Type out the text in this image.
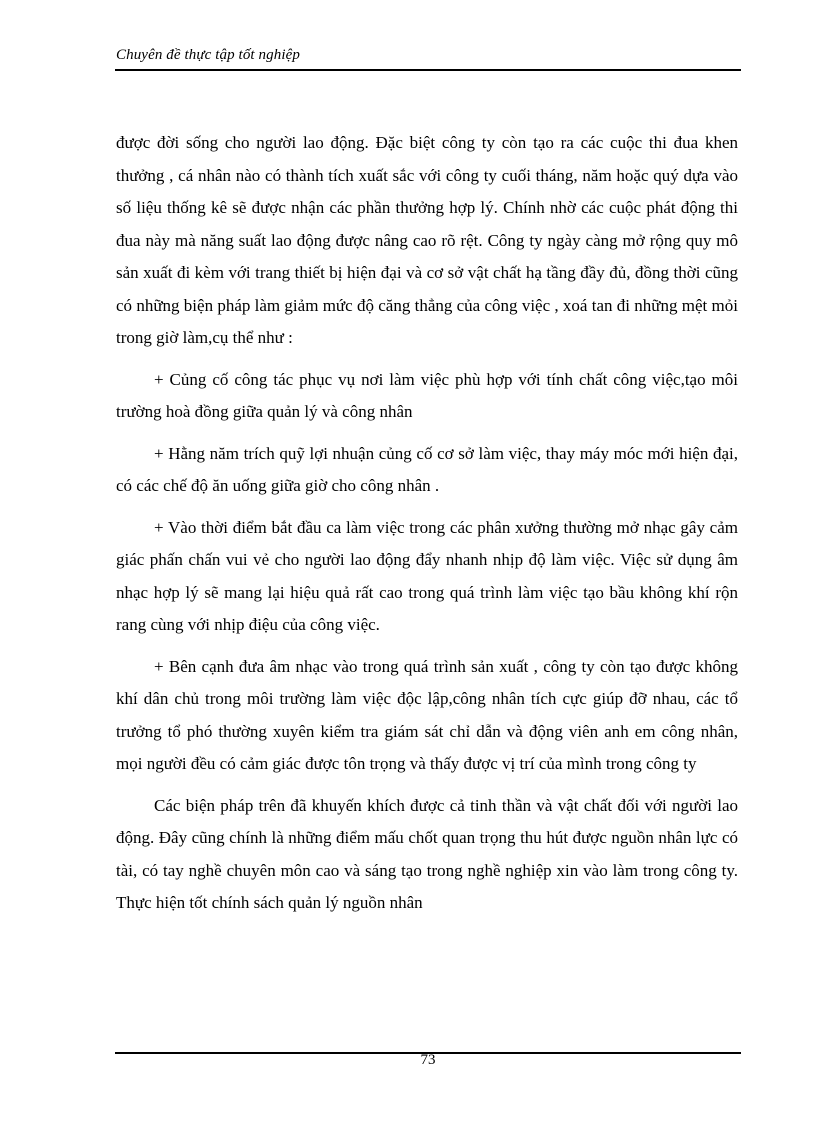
Chuyên đề thực tập tốt nghiệp

được đời sống cho người lao động. Đặc biệt công ty còn tạo ra các cuộc thi đua khen thưởng , cá nhân nào có thành tích xuất sắc với công ty cuối tháng, năm hoặc quý dựa vào số liệu thống kê sẽ được nhận các phần thưởng hợp lý. Chính nhờ các cuộc phát động thi đua này mà năng suất lao động được nâng cao rõ rệt. Công ty ngày càng mở rộng quy mô sản xuất đi kèm với trang thiết bị hiện đại và cơ sở vật chất hạ tầng đầy đủ, đồng thời cũng có những biện pháp làm giảm mức độ căng thẳng của công việc , xoá tan đi những mệt mỏi trong giờ làm,cụ thể như :

+ Củng cố công tác phục vụ nơi làm việc phù hợp với tính chất công việc,tạo môi trường hoà đồng giữa quản lý và công nhân

+ Hằng năm trích quỹ lợi nhuận củng cố cơ sở làm việc, thay máy móc mới hiện đại, có các chế độ ăn uống giữa giờ cho công nhân .

+ Vào thời điểm bắt đầu ca làm việc trong các phân xưởng thường mở nhạc gây cảm giác phấn chấn vui vẻ cho người lao động đẩy nhanh nhịp độ làm việc. Việc sử dụng âm nhạc hợp lý sẽ mang lại hiệu quả rất cao trong quá trình làm việc tạo bầu không khí rộn rang cùng với nhịp điệu của công việc.

+ Bên cạnh đưa âm nhạc vào trong quá trình sản xuất , công ty còn tạo được không khí dân chủ trong môi trường làm việc độc lập,công nhân tích cực giúp đỡ nhau, các tổ trưởng tổ phó thường xuyên kiểm tra giám sát chỉ dẫn và động viên anh em công nhân, mọi người đều có cảm giác được tôn trọng và thấy được vị trí của mình trong công ty

Các biện pháp trên đã khuyến khích được cả tinh thần và vật chất đối với người lao động. Đây cũng chính là những điểm mấu chốt quan trọng thu hút được nguồn nhân lực có tài, có tay nghề chuyên môn cao và sáng tạo trong nghề nghiệp xin vào làm trong công ty. Thực hiện tốt chính sách quản lý nguồn nhân

73
